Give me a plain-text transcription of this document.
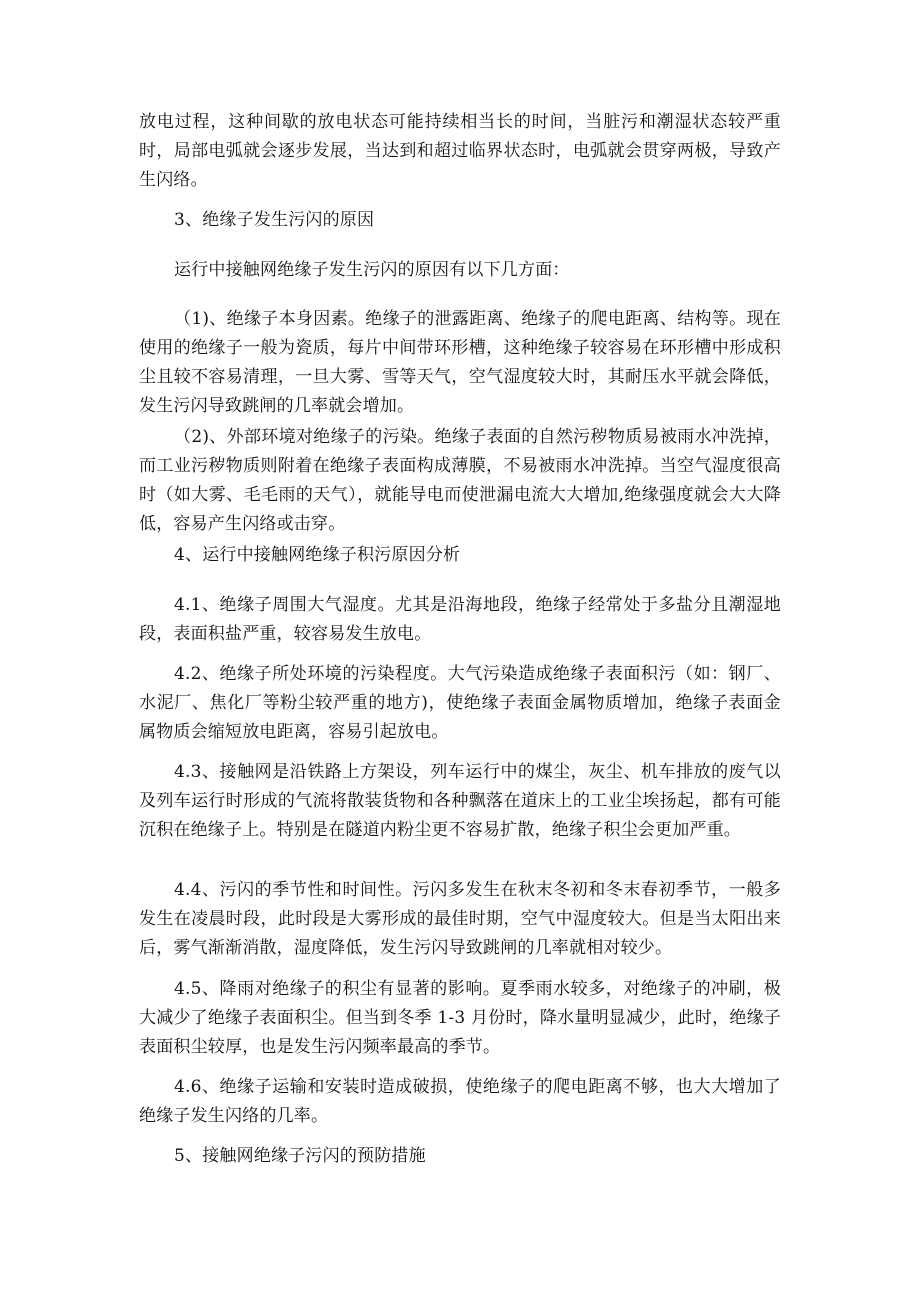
放电过程，这种间歇的放电状态可能持续相当长的时间，当脏污和潮湿状态较严重时，局部电弧就会逐步发展，当达到和超过临界状态时，电弧就会贯穿两极，导致产生闪络。

3、绝缘子发生污闪的原因

运行中接触网绝缘子发生污闪的原因有以下几方面：

（1)、绝缘子本身因素。绝缘子的泄露距离、绝缘子的爬电距离、结构等。现在使用的绝缘子一般为瓷质，每片中间带环形槽，这种绝缘子较容易在环形槽中形成积尘且较不容易清理，一旦大雾、雪等天气，空气湿度较大时，其耐压水平就会降低，发生污闪导致跳闸的几率就会增加。

（2)、外部环境对绝缘子的污染。绝缘子表面的自然污秽物质易被雨水冲洗掉，而工业污秽物质则附着在绝缘子表面构成薄膜，不易被雨水冲洗掉。当空气湿度很高时（如大雾、毛毛雨的天气），就能导电而使泄漏电流大大增加,绝缘强度就会大大降低，容易产生闪络或击穿。

4、运行中接触网绝缘子积污原因分析

4.1、绝缘子周围大气湿度。尤其是沿海地段，绝缘子经常处于多盐分且潮湿地段，表面积盐严重，较容易发生放电。

4.2、绝缘子所处环境的污染程度。大气污染造成绝缘子表面积污（如：钢厂、水泥厂、焦化厂等粉尘较严重的地方)，使绝缘子表面金属物质增加，绝缘子表面金属物质会缩短放电距离，容易引起放电。

4.3、接触网是沿铁路上方架设，列车运行中的煤尘，灰尘、机车排放的废气以及列车运行时形成的气流将散装货物和各种飘落在道床上的工业尘埃扬起，都有可能沉积在绝缘子上。特别是在隧道内粉尘更不容易扩散，绝缘子积尘会更加严重。

4.4、污闪的季节性和时间性。污闪多发生在秋末冬初和冬末春初季节，一般多发生在凌晨时段，此时段是大雾形成的最佳时期，空气中湿度较大。但是当太阳出来后，雾气渐渐消散，湿度降低，发生污闪导致跳闸的几率就相对较少。

4.5、降雨对绝缘子的积尘有显著的影响。夏季雨水较多，对绝缘子的冲刷，极大减少了绝缘子表面积尘。但当到冬季 1-3 月份时，降水量明显减少，此时，绝缘子表面积尘较厚，也是发生污闪频率最高的季节。

4.6、绝缘子运输和安装时造成破损，使绝缘子的爬电距离不够，也大大增加了绝缘子发生闪络的几率。

5、接触网绝缘子污闪的预防措施
